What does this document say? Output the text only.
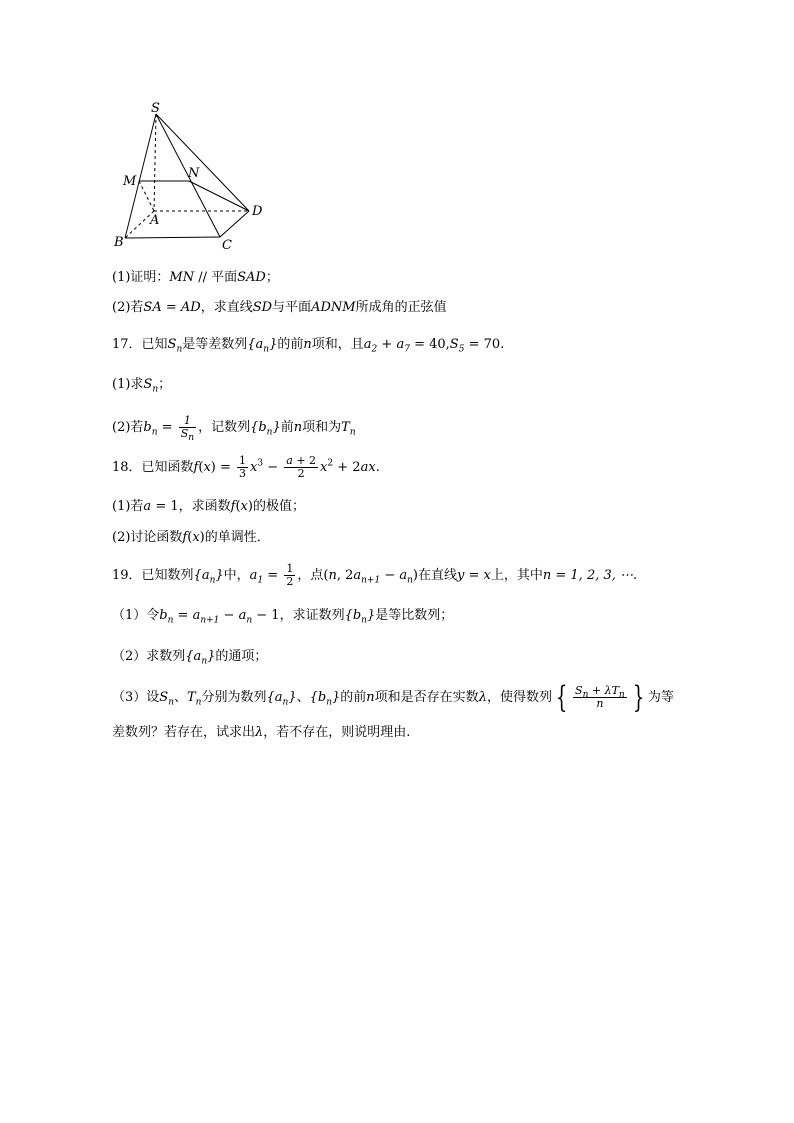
S
M
N
A
B	C
D
(1)证明：MN // 平面SAD；
(2)若SA = AD，求直线SD与平面ADNM所成角的正弦值
17．已知$S_n$是等差数列$\{a_n\}$的前n项和，且$a_2 + a_7 = 40,S_5 = 70$.
(1)求$S_n$；
(2)若$b_n = \frac{1}{S_n}$ ，记数列$\{b_n\}$前n项和为$T_n$
18．已知函数$f(x) = \frac{1}{3} x^3 - \frac{a + 2}{2} x^2 + 2ax$.
(1)若a = 1，求函数f(x)的极值；
(2)讨论函数f(x)的单调性．
19．已知数列$\{a_n\}$中，$a_1 = \frac{1}{2}$ ，点(n, $2a_{n+1} - a_n$)在直线y = x上，其中n = 1, 2, 3, ⋯.
（1）令$b_n = a_{n+1} - a_n - 1$，求证数列$\{b_n\}$是等比数列；
（2）求数列$\{a_n\}$的通项；
（3）设$S_n$、$T_n$分别为数列$\{a_n\}$、$\{b_n\}$的前n项和是否存在实数λ，使得数列 { $\frac{S_n + \lambda T_n}{n}$ } 为等
差数列？若存在，试求出λ，若不存在，则说明理由.
